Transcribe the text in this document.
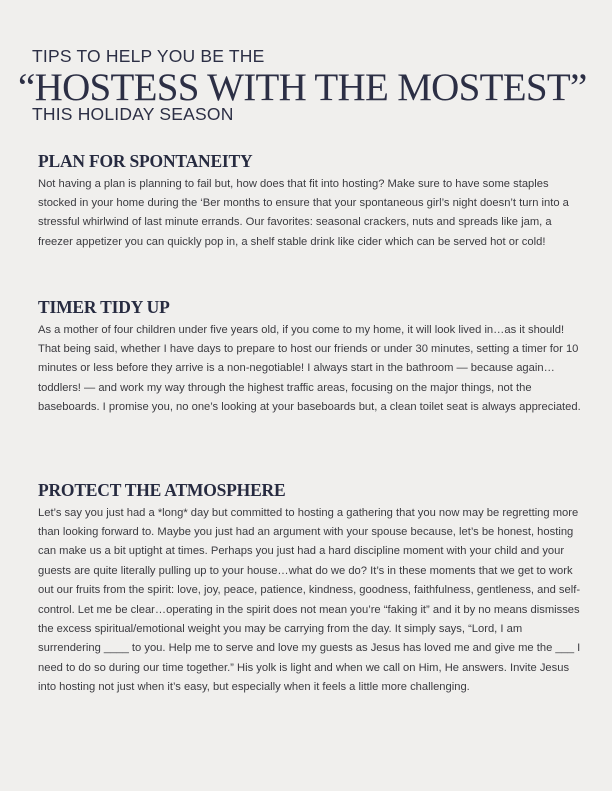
TIPS TO HELP YOU BE THE
“HOSTESS WITH THE MOSTEST”
THIS HOLIDAY SEASON
PLAN FOR SPONTANEITY

Not having a plan is planning to fail but, how does that fit into hosting? Make sure to have some staples stocked in your home during the ‘Ber months to ensure that your spontaneous girl’s night doesn’t turn into a stressful whirlwind of last minute errands. Our favorites: seasonal crackers, nuts and spreads like jam, a freezer appetizer you can quickly pop in, a shelf stable drink like cider which can be served hot or cold!

TIMER TIDY UP

As a mother of four children under five years old, if you come to my home, it will look lived in…as it should! That being said, whether I have days to prepare to host our friends or under 30 minutes, setting a timer for 10 minutes or less before they arrive is a non-negotiable! I always start in the bathroom — because again…toddlers! — and work my way through the highest traffic areas, focusing on the major things, not the baseboards. I promise you, no one’s looking at your baseboards but, a clean toilet seat is always appreciated.

PROTECT THE ATMOSPHERE

Let’s say you just had a *long* day but committed to hosting a gathering that you now may be regretting more than looking forward to. Maybe you just had an argument with your spouse because, let’s be honest, hosting can make us a bit uptight at times. Perhaps you just had a hard discipline moment with your child and your guests are quite literally pulling up to your house…what do we do? It’s in these moments that we get to work out our fruits from the spirit: love, joy, peace, patience, kindness, goodness, faithfulness, gentleness, and self-control. Let me be clear…operating in the spirit does not mean you’re “faking it” and it by no means dismisses the excess spiritual/emotional weight you may be carrying from the day. It simply says, “Lord, I am surrendering ____ to you. Help me to serve and love my guests as Jesus has loved me and give me the ___ I need to do so during our time together.” His yolk is light and when we call on Him, He answers. Invite Jesus into hosting not just when it’s easy, but especially when it feels a little more challenging.
